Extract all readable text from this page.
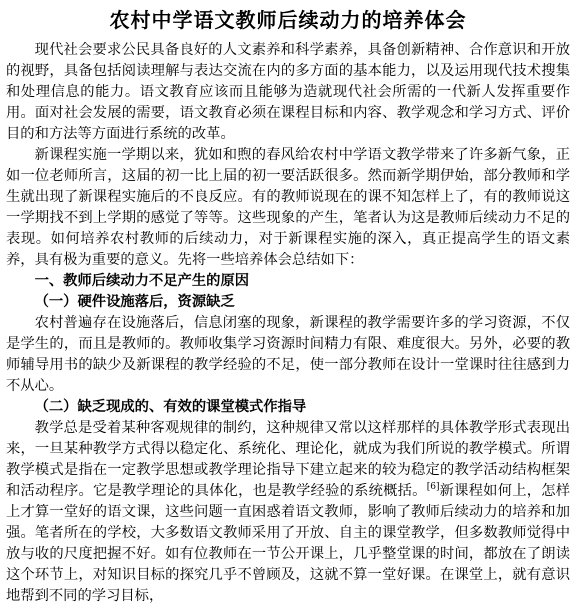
农村中学语文教师后续动力的培养体会

现代社会要求公民具备良好的人文素养和科学素养，具备创新精神、合作意识和开放的视野，具备包括阅读理解与表达交流在内的多方面的基本能力，以及运用现代技术搜集和处理信息的能力。语文教育应该而且能够为造就现代社会所需的一代新人发挥重要作用。面对社会发展的需要，语文教育必须在课程目标和内容、教学观念和学习方式、评价目的和方法等方面进行系统的改革。

新课程实施一学期以来，犹如和煦的春风给农村中学语文教学带来了许多新气象，正如一位老师所言，这届的初一比上届的初一要活跃很多。然而新学期伊始，部分教师和学生就出现了新课程实施后的不良反应。有的教师说现在的课不知怎样上了，有的教师说这一学期找不到上学期的感觉了等等。这些现象的产生，笔者认为这是教师后续动力不足的表现。如何培养农村教师的后续动力，对于新课程实施的深入，真正提高学生的语文素养，具有极为重要的意义。先将一些培养体会总结如下：

一、教师后续动力不足产生的原因
（一）硬件设施落后，资源缺乏

农村普遍存在设施落后，信息闭塞的现象，新课程的教学需要许多的学习资源，不仅是学生的，而且是教师的。教师收集学习资源时间精力有限、难度很大。另外，必要的教师辅导用书的缺少及新课程的教学经验的不足，使一部分教师在设计一堂课时往往感到力不从心。

（二）缺乏现成的、有效的课堂模式作指导

教学总是受着某种客观规律的制约，这种规律又常以这样那样的具体教学形式表现出来，一旦某种教学方式得以稳定化、系统化、理论化，就成为我们所说的教学模式。所谓教学模式是指在一定教学思想或教学理论指导下建立起来的较为稳定的教学活动结构框架和活动程序。它是教学理论的具体化，也是教学经验的系统概括。[6]新课程如何上，怎样上才算一堂好的语文课，这些问题一直困惑着语文教师，影响了教师后续动力的培养和加强。笔者所在的学校，大多数语文教师采用了开放、自主的课堂教学，但多数教师觉得中放与收的尺度把握不好。如有位教师在一节公开课上，几乎整堂课的时间，都放在了朗读这个环节上，对知识目标的探究几乎不曾顾及，这就不算一堂好课。在课堂上，就有意识地帮到不同的学习目标，
